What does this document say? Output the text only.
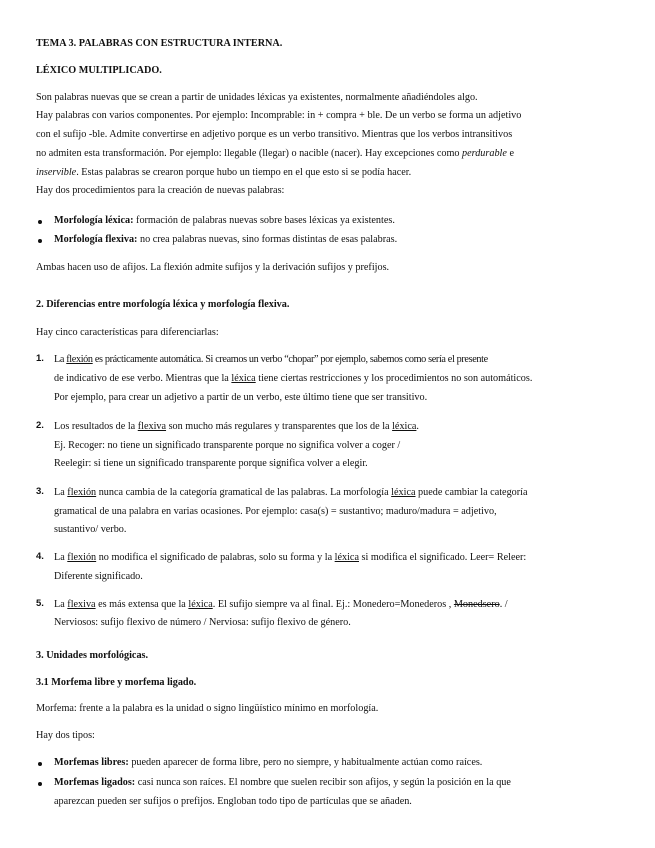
TEMA 3. PALABRAS CON ESTRUCTURA INTERNA.
LÉXICO MULTIPLICADO.
Son palabras nuevas que se crean a partir de unidades léxicas ya existentes, normalmente añadiéndoles algo.
Hay palabras con varios componentes. Por ejemplo: Incomprable: in + compra + ble. De un verbo se forma un adjetivo
con el sufijo -ble. Admite convertirse en adjetivo porque es un verbo transitivo. Mientras que los verbos intransitivos
no admiten esta transformación. Por ejemplo: llegable (llegar) o nacible (nacer). Hay excepciones como perdurable e
inservible. Estas palabras se crearon porque hubo un tiempo en el que esto si se podía hacer.
Hay dos procedimientos para la creación de nuevas palabras:
Morfología léxica: formación de palabras nuevas sobre bases léxicas ya existentes.
Morfología flexiva: no crea palabras nuevas, sino formas distintas de esas palabras.
Ambas hacen uso de afijos. La flexión admite sufijos y la derivación sufijos y prefijos.
2. Diferencias entre morfología léxica y morfología flexiva.
Hay cinco características para diferenciarlas:
1. La flexión es prácticamente automática. Si creamos un verbo “chopar” por ejemplo, sabemos como sería el presente
de indicativo de ese verbo. Mientras que la léxica tiene ciertas restricciones y los procedimientos no son automáticos.
Por ejemplo, para crear un adjetivo a partir de un verbo, este último tiene que ser transitivo.
2. Los resultados de la flexiva son mucho más regulares y transparentes que los de la léxica.
Ej. Recoger: no tiene un significado transparente porque no significa volver a coger /
Reelegir: si tiene un significado transparente porque significa volver a elegir.
3. La flexión nunca cambia de la categoría gramatical de las palabras. La morfología léxica puede cambiar la categoría
gramatical de una palabra en varias ocasiones. Por ejemplo: casa(s) = sustantivo; maduro/madura = adjetivo,
sustantivo/ verbo.
4. La flexión no modifica el significado de palabras, solo su forma y la léxica si modifica el significado. Leer= Releer:
Diferente significado.
5. La flexiva es más extensa que la léxica. El sufijo siempre va al final. Ej.: Monedero=Monederos , Monedsero. /
Nerviosos: sufijo flexivo de número / Nerviosa: sufijo flexivo de género.
3. Unidades morfológicas.
3.1 Morfema libre y morfema ligado.
Morfema: frente a la palabra es la unidad o signo lingüístico mínimo en morfología.
Hay dos tipos:
Morfemas libres: pueden aparecer de forma libre, pero no siempre, y habitualmente actúan como raíces.
Morfemas ligados: casi nunca son raíces. El nombre que suelen recibir son afijos, y según la posición en la que
aparezcan pueden ser sufijos o prefijos. Engloban todo tipo de partículas que se añaden.
